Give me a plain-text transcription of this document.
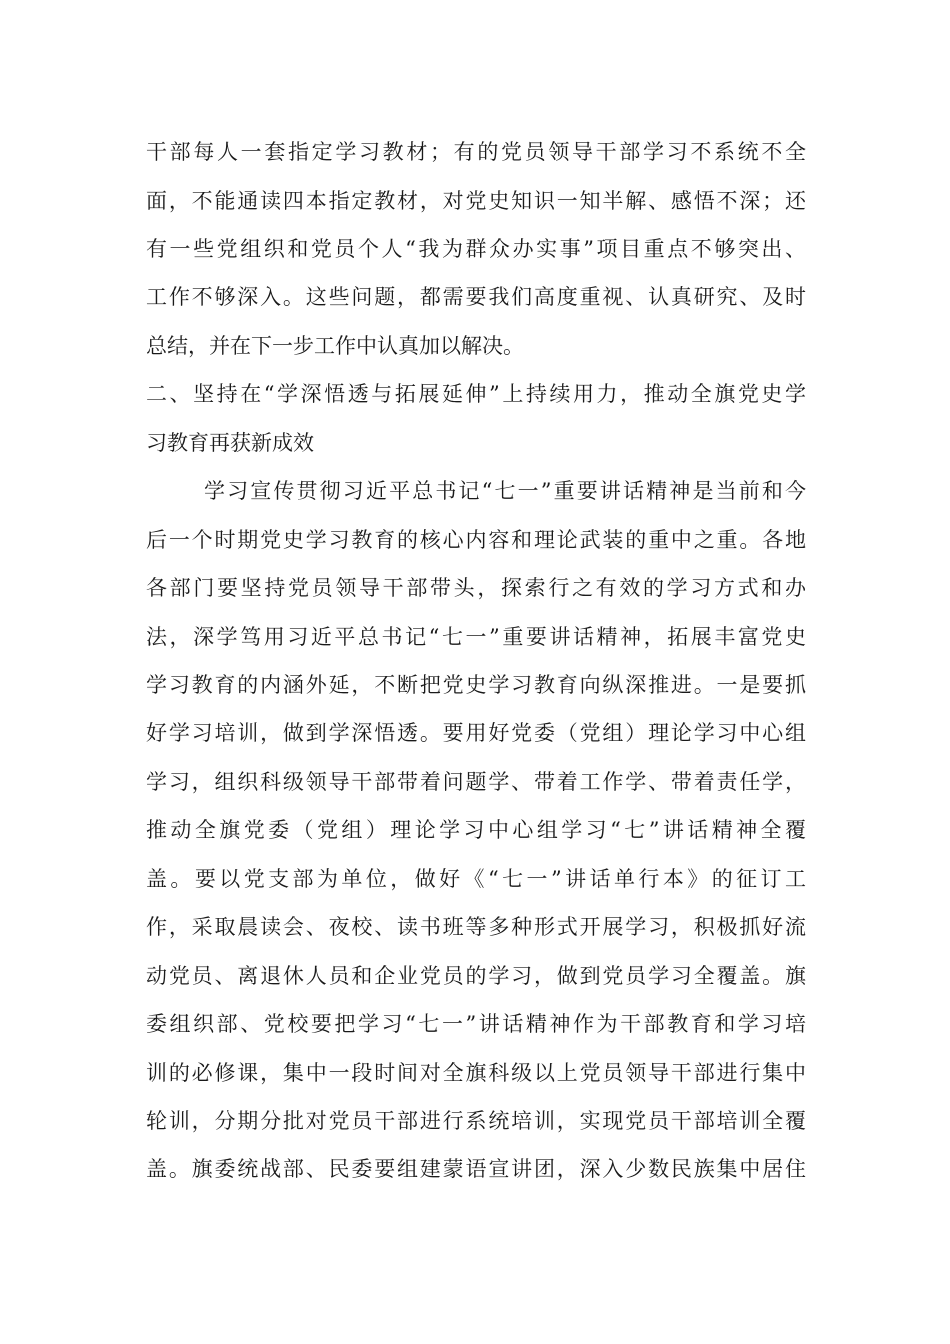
干部每人一套指定学习教材；有的党员领导干部学习不系统不全
面，不能通读四本指定教材，对党史知识一知半解、感悟不深；还
有一些党组织和党员个人“我为群众办实事”项目重点不够突出、
工作不够深入。这些问题，都需要我们高度重视、认真研究、及时
总结，并在下一步工作中认真加以解决。
二、坚持在“学深悟透与拓展延伸”上持续用力，推动全旗党史学
习教育再获新成效
学习宣传贯彻习近平总书记“七一”重要讲话精神是当前和今
后一个时期党史学习教育的核心内容和理论武装的重中之重。各地
各部门要坚持党员领导干部带头，探索行之有效的学习方式和办
法，深学笃用习近平总书记“七一”重要讲话精神，拓展丰富党史
学习教育的内涵外延，不断把党史学习教育向纵深推进。一是要抓
好学习培训，做到学深悟透。要用好党委（党组）理论学习中心组
学习，组织科级领导干部带着问题学、带着工作学、带着责任学，
推动全旗党委（党组）理论学习中心组学习“七”讲话精神全覆
盖。要以党支部为单位，做好《“七一”讲话单行本》的征订工
作，采取晨读会、夜校、读书班等多种形式开展学习，积极抓好流
动党员、离退休人员和企业党员的学习，做到党员学习全覆盖。旗
委组织部、党校要把学习“七一”讲话精神作为干部教育和学习培
训的必修课，集中一段时间对全旗科级以上党员领导干部进行集中
轮训，分期分批对党员干部进行系统培训，实现党员干部培训全覆
盖。旗委统战部、民委要组建蒙语宣讲团，深入少数民族集中居住
